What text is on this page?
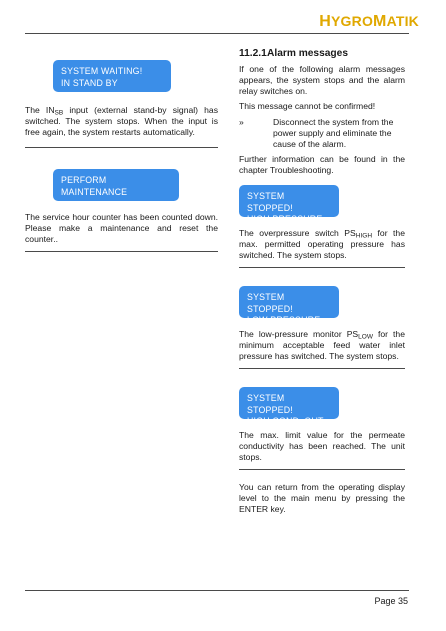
HYGROMATIK
SYSTEM WAITING!
IN STAND BY

The $IN_{SB}$ input (external stand-by signal) has switched. The system stops. When the input is free again, the system restarts automatically.

PERFORM
MAINTENANCE

The service hour counter has been counted down. Please make a maintenance and reset the counter..

11.2.1Alarm messages

If one of the following alarm messages appears, the system stops and the alarm relay switches on.

This message cannot be confirmed!

»	Disconnect the system from the power supply and eliminate the cause of the alarm.

Further information can be found in the chapter Troubleshooting.

SYSTEM STOPPED!
HIGH PRESSURE

The overpressure switch $PS_{HIGH}$ for the max. permitted operating pressure has switched. The system stops.

SYSTEM STOPPED!
LOW PRESSURE

The low-pressure monitor $PS_{LOW}$ for the minimum acceptable feed water inlet pressure has switched. The system stops.

SYSTEM STOPPED!
HIGH COND. OUT

The max. limit value for the permeate conductivity has been reached. The unit stops.

You can return from the operating display level to the main menu by pressing the ENTER key.

Page 35
